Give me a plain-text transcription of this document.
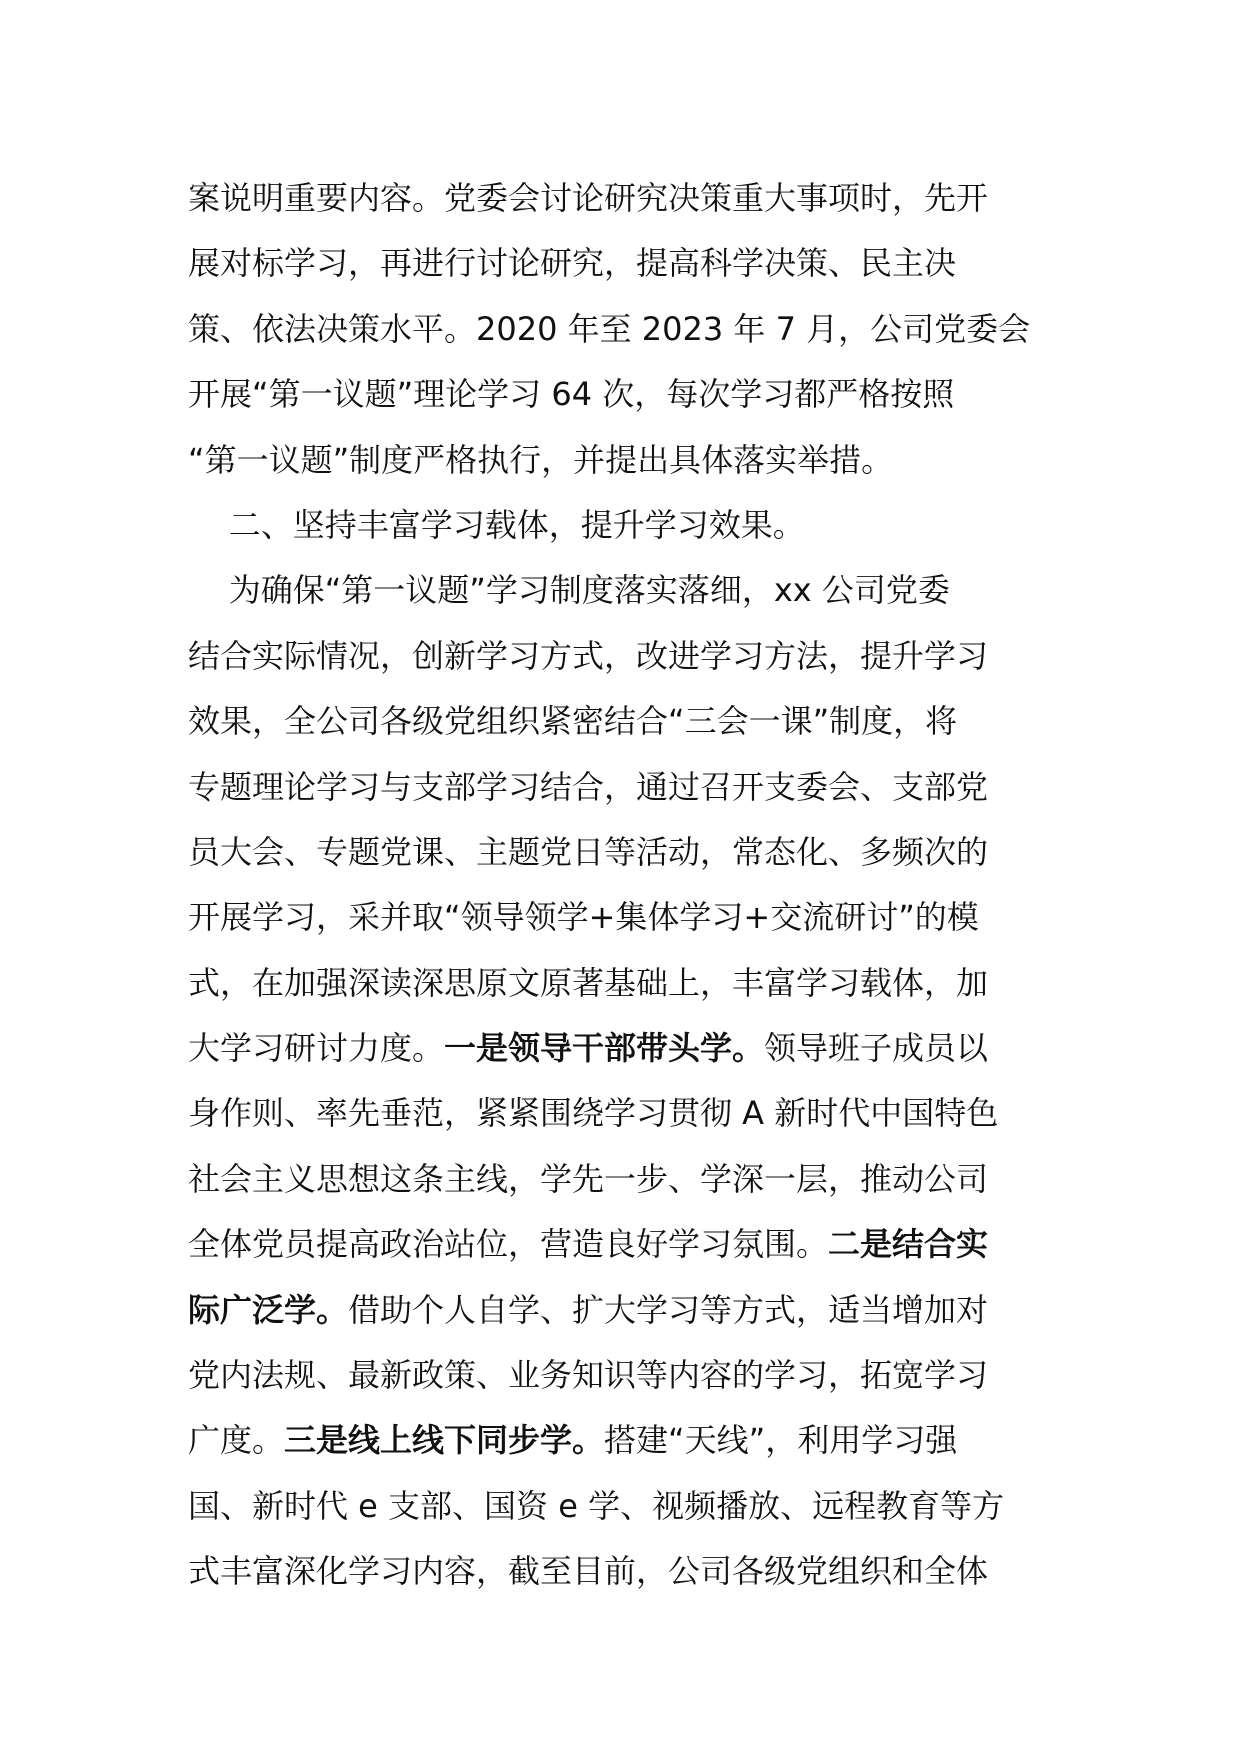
案说明重要内容。党委会讨论研究决策重大事项时，先开
展对标学习，再进行讨论研究，提高科学决策、民主决
策、依法决策水平。2020 年至 2023 年 7 月，公司党委会
开展“第一议题”理论学习 64 次，每次学习都严格按照
“第一议题”制度严格执行，并提出具体落实举措。
二、坚持丰富学习载体，提升学习效果。
为确保“第一议题”学习制度落实落细，xx 公司党委
结合实际情况，创新学习方式，改进学习方法，提升学习
效果，全公司各级党组织紧密结合“三会一课”制度，将
专题理论学习与支部学习结合，通过召开支委会、支部党
员大会、专题党课、主题党日等活动，常态化、多频次的
开展学习，采并取“领导领学+集体学习+交流研讨”的模
式，在加强深读深思原文原著基础上，丰富学习载体，加
大学习研讨力度。一是领导干部带头学。领导班子成员以
身作则、率先垂范，紧紧围绕学习贯彻 A 新时代中国特色
社会主义思想这条主线，学先一步、学深一层，推动公司
全体党员提高政治站位，营造良好学习氛围。二是结合实
际广泛学。借助个人自学、扩大学习等方式，适当增加对
党内法规、最新政策、业务知识等内容的学习，拓宽学习
广度。三是线上线下同步学。搭建“天线”，利用学习强
国、新时代 e 支部、国资 e 学、视频播放、远程教育等方
式丰富深化学习内容，截至目前，公司各级党组织和全体
